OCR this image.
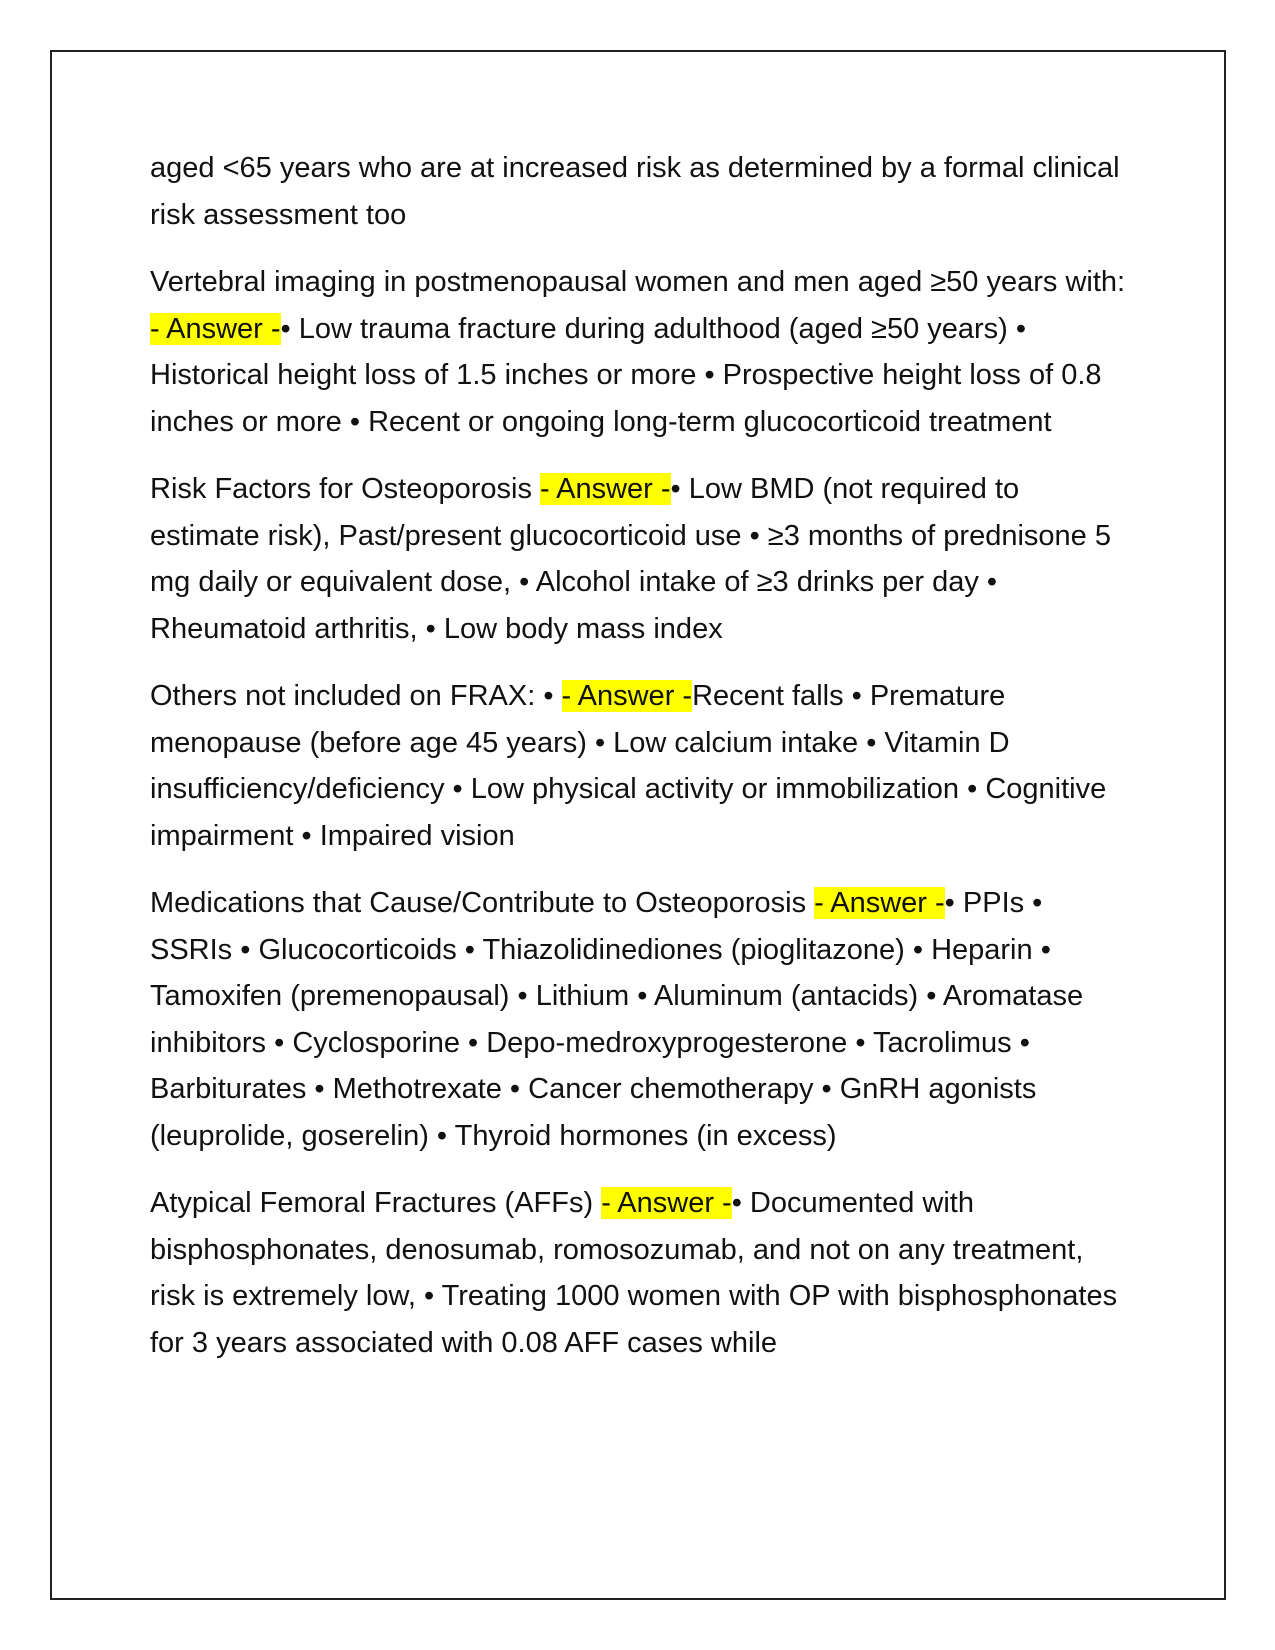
aged <65 years who are at increased risk as determined by a formal clinical risk assessment too

Vertebral imaging in postmenopausal women and men aged ≥50 years with: - Answer -• Low trauma fracture during adulthood (aged ≥50 years) • Historical height loss of 1.5 inches or more • Prospective height loss of 0.8 inches or more • Recent or ongoing long-term glucocorticoid treatment

Risk Factors for Osteoporosis - Answer -• Low BMD (not required to estimate risk), Past/present glucocorticoid use • ≥3 months of prednisone 5 mg daily or equivalent dose, • Alcohol intake of ≥3 drinks per day • Rheumatoid arthritis, • Low body mass index

Others not included on FRAX: • - Answer -Recent falls • Premature menopause (before age 45 years) • Low calcium intake • Vitamin D insufficiency/deficiency • Low physical activity or immobilization • Cognitive impairment • Impaired vision

Medications that Cause/Contribute to Osteoporosis - Answer -• PPIs • SSRIs • Glucocorticoids • Thiazolidinediones (pioglitazone) • Heparin • Tamoxifen (premenopausal) • Lithium • Aluminum (antacids) • Aromatase inhibitors • Cyclosporine • Depo-medroxyprogesterone • Tacrolimus • Barbiturates • Methotrexate • Cancer chemotherapy • GnRH agonists (leuprolide, goserelin) • Thyroid hormones (in excess)

Atypical Femoral Fractures (AFFs) - Answer -• Documented with bisphosphonates, denosumab, romosozumab, and not on any treatment, risk is extremely low, • Treating 1000 women with OP with bisphosphonates for 3 years associated with 0.08 AFF cases while
